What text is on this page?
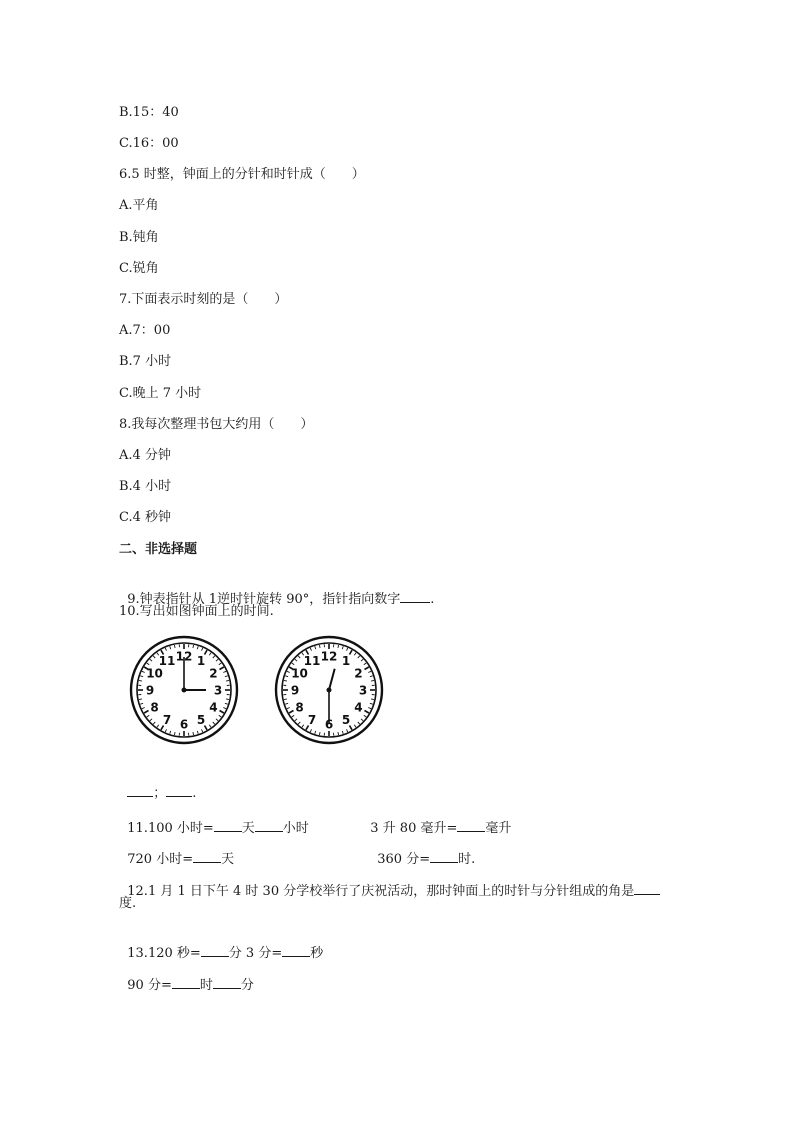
B.15：40
C.16：00
6.5 时整，钟面上的分针和时针成（　　）
A.平角
B.钝角
C.锐角
7.下面表示时刻的是（　　）
A.7：00
B.7 小时
C.晚上 7 小时
8.我每次整理书包大约用（　　）
A.4 分钟
B.4 小时
C.4 秒钟
二、非选择题

9.钟表指针从 1逆时针旋转 90°，指针指向数字 .

10.写出如图钟面上的时间.
12 1
2
3
4
5
6
7
8
9
10
11	12 1
2
3
4
5
6
7
8
9
10
11

； .

11.100 小时= 天 小时	3 升 80 毫升= 毫升

720 小时= 天	360 分= 时.

12.1 月 1 日下午 4 时 30 分学校举行了庆祝活动，那时钟面上的时针与分针组成的角是

度.

13.120 秒= 分 3 分= 秒

90 分= 时 分
